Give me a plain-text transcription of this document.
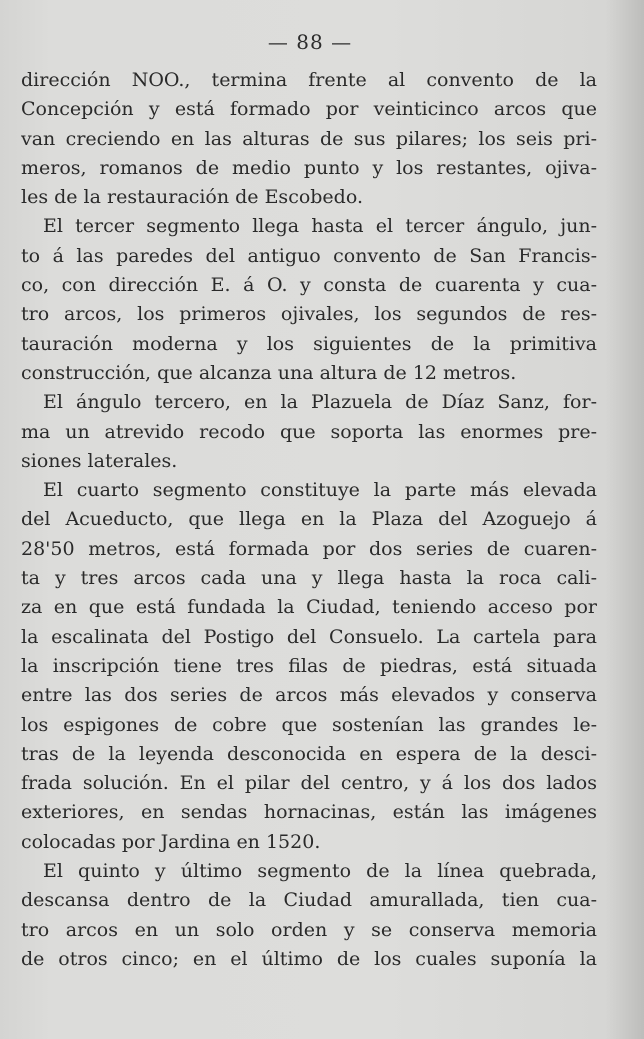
— 88 —
dirección NOO., termina frente al convento de la
Concepción y está formado por veinticinco arcos que
van creciendo en las alturas de sus pilares; los seis pri-
meros, romanos de medio punto y los restantes, ojiva-
les de la restauración de Escobedo.
El tercer segmento llega hasta el tercer ángulo, jun-
to á las paredes del antiguo convento de San Francis-
co, con dirección E. á O. y consta de cuarenta y cua-
tro arcos, los primeros ojivales, los segundos de res-
tauración moderna y los siguientes de la primitiva
construcción, que alcanza una altura de 12 metros.
El ángulo tercero, en la Plazuela de Díaz Sanz, for-
ma un atrevido recodo que soporta las enormes pre-
siones laterales.
El cuarto segmento constituye la parte más elevada
del Acueducto, que llega en la Plaza del Azoguejo á
28'50 metros, está formada por dos series de cuaren-
ta y tres arcos cada una y llega hasta la roca cali-
za en que está fundada la Ciudad, teniendo acceso por
la escalinata del Postigo del Consuelo. La cartela para
la inscripción tiene tres filas de piedras, está situada
entre las dos series de arcos más elevados y conserva
los espigones de cobre que sostenían las grandes le-
tras de la leyenda desconocida en espera de la desci-
frada solución. En el pilar del centro, y á los dos lados
exteriores, en sendas hornacinas, están las imágenes
colocadas por Jardina en 1520.
El quinto y último segmento de la línea quebrada,
descansa dentro de la Ciudad amurallada, tien cua-
tro arcos en un solo orden y se conserva memoria
de otros cinco; en el último de los cuales suponía la
